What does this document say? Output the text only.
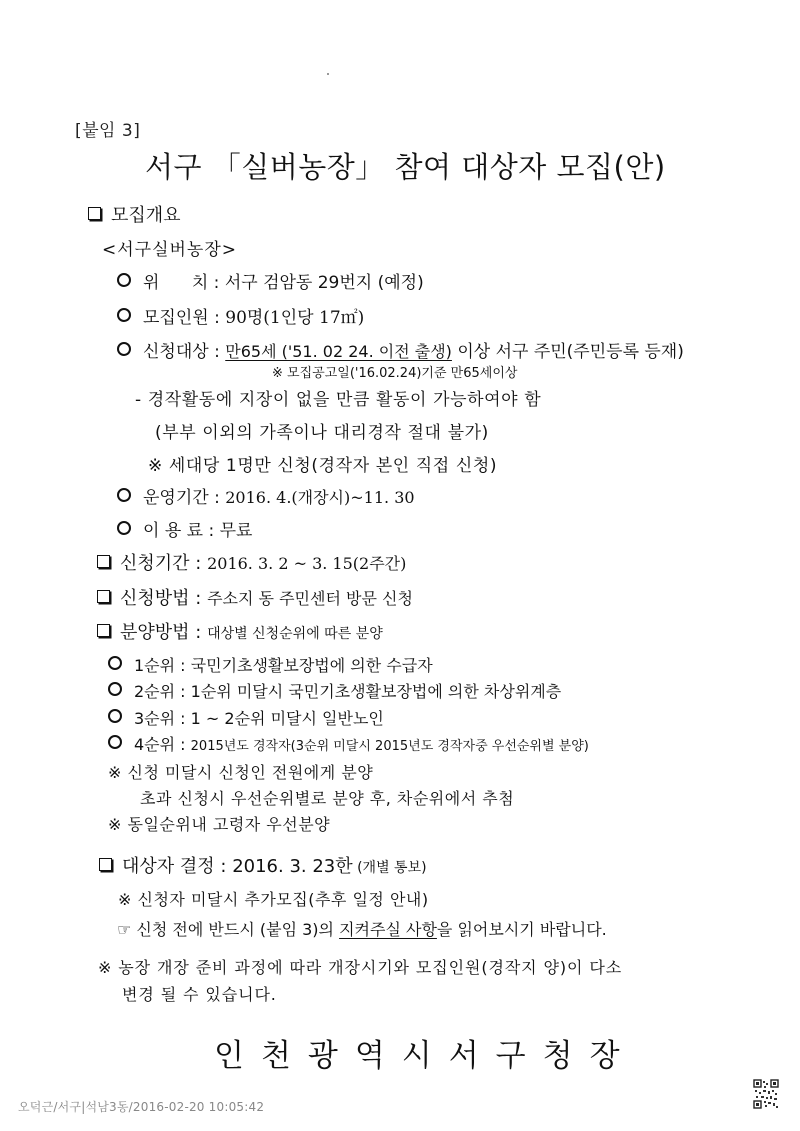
[붙임 3]
서구 「실버농장」 참여 대상자 모집(안)
모집개요
<서구실버농장>
위      치 : 서구 검암동 29번지 (예정)
모집인원 : 90명(1인당 17㎡)
신청대상 : 만65세 ('51. 02 24. 이전 출생) 이상 서구 주민(주민등록 등재)
※ 모집공고일('16.02.24)기준 만65세이상
- 경작활동에 지장이 없을 만큼 활동이 가능하여야 함
(부부 이외의 가족이나 대리경작 절대 불가)
※ 세대당 1명만 신청(경작자 본인 직접 신청)
운영기간 : 2016. 4.(개장시)~11. 30
이 용 료 : 무료
신청기간 : 2016. 3. 2 ~ 3. 15(2주간)
신청방법 : 주소지 동 주민센터 방문 신청
분양방법 : 대상별 신청순위에 따른 분양
1순위 : 국민기초생활보장법에 의한 수급자
2순위 : 1순위 미달시 국민기초생활보장법에 의한 차상위계층
3순위 : 1 ~ 2순위 미달시 일반노인
4순위 : 2015년도 경작자(3순위 미달시 2015년도 경작자중 우선순위별 분양)
※ 신청 미달시 신청인 전원에게 분양
초과 신청시 우선순위별로 분양 후, 차순위에서 추첨
※ 동일순위내 고령자 우선분양
대상자 결정 : 2016. 3. 23한 (개별 통보)
※ 신청자 미달시 추가모집(추후 일정 안내)
☞ 신청 전에 반드시 (붙임 3)의 지켜주실 사항을 읽어보시기 바랍니다.
※ 농장 개장 준비 과정에 따라 개장시기와 모집인원(경작지 양)이 다소
변경 될 수 있습니다.
인천광역시서구청장
오덕근/서구|석남3동/2016-02-20 10:05:42
